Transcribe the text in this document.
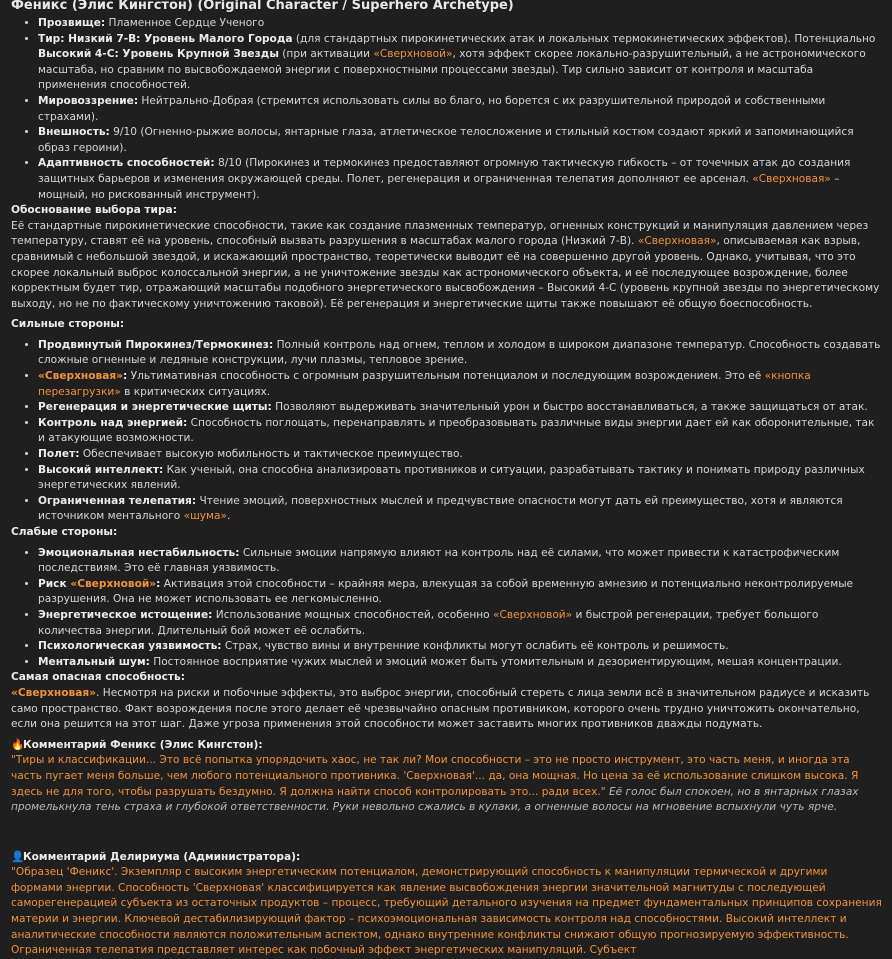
Феникс (Элис Кингстон) (Original Character / Superhero Archetype)
• Прозвище: Пламенное Сердце Ученого
• Тир: Низкий 7-B: Уровень Малого Города (для стандартных пирокинетических атак и локальных термокинетических эффектов). Потенциально Высокий 4-C: Уровень Крупной Звезды (при активации «Сверхновой», хотя эффект скорее локально-разрушительный, а не астрономического масштаба, но сравним по высвобождаемой энергии с поверхностными процессами звезды). Тир сильно зависит от контроля и масштаба применения способностей.
• Мировоззрение: Нейтрально-Добрая (стремится использовать силы во благо, но борется с их разрушительной природой и собственными страхами).
• Внешность: 9/10 (Огненно-рыжие волосы, янтарные глаза, атлетическое телосложение и стильный костюм создают яркий и запоминающийся образ героини).
• Адаптивность способностей: 8/10 (Пирокинез и термокинез предоставляют огромную тактическую гибкость – от точечных атак до создания защитных барьеров и изменения окружающей среды. Полет, регенерация и ограниченная телепатия дополняют ее арсенал. «Сверхновая» – мощный, но рискованный инструмент).
Обоснование выбора тира:

Её стандартные пирокинетические способности, такие как создание плазменных температур, огненных конструкций и манипуляция давлением через температуру, ставят её на уровень, способный вызвать разрушения в масштабах малого города (Низкий 7-B). «Сверхновая», описываемая как взрыв, сравнимый с небольшой звездой, и искажающий пространство, теоретически выводит её на совершенно другой уровень. Однако, учитывая, что это скорее локальный выброс колоссальной энергии, а не уничтожение звезды как астрономического объекта, и её последующее возрождение, более корректным будет тир, отражающий масштабы подобного энергетического высвобождения – Высокий 4-C (уровень крупной звезды по энергетическому выходу, но не по фактическому уничтожению таковой). Её регенерация и энергетические щиты также повышают её общую боеспособность.

Сильные стороны:
• Продвинутый Пирокинез/Термокинез: Полный контроль над огнем, теплом и холодом в широком диапазоне температур. Способность создавать сложные огненные и ледяные конструкции, лучи плазмы, тепловое зрение.
• «Сверхновая»: Ультимативная способность с огромным разрушительным потенциалом и последующим возрождением. Это её «кнопка перезагрузки» в критических ситуациях.
• Регенерация и энергетические щиты: Позволяют выдерживать значительный урон и быстро восстанавливаться, а также защищаться от атак.
• Контроль над энергией: Способность поглощать, перенаправлять и преобразовывать различные виды энергии дает ей как оборонительные, так и атакующие возможности.
• Полет: Обеспечивает высокую мобильность и тактическое преимущество.
• Высокий интеллект: Как ученый, она способна анализировать противников и ситуации, разрабатывать тактику и понимать природу различных энергетических явлений.
• Ограниченная телепатия: Чтение эмоций, поверхностных мыслей и предчувствие опасности могут дать ей преимущество, хотя и являются источником ментального «шума».
Слабые стороны:
• Эмоциональная нестабильность: Сильные эмоции напрямую влияют на контроль над её силами, что может привести к катастрофическим последствиям. Это её главная уязвимость.
• Риск «Сверхновой»: Активация этой способности – крайняя мера, влекущая за собой временную амнезию и потенциально неконтролируемые разрушения. Она не может использовать ее легкомысленно.
• Энергетическое истощение: Использование мощных способностей, особенно «Сверхновой» и быстрой регенерации, требует большого количества энергии. Длительный бой может её ослабить.
• Психологическая уязвимость: Страх, чувство вины и внутренние конфликты могут ослабить её контроль и решимость.
• Ментальный шум: Постоянное восприятие чужих мыслей и эмоций может быть утомительным и дезориентирующим, мешая концентрации.
Самая опасная способность:

«Сверхновая». Несмотря на риски и побочные эффекты, это выброс энергии, способный стереть с лица земли всё в значительном радиусе и исказить само пространство. Факт возрождения после этого делает её чрезвычайно опасным противником, которого очень трудно уничтожить окончательно, если она решится на этот шаг. Даже угроза применения этой способности может заставить многих противников дважды подумать.

🔥Комментарий Феникс (Элис Кингстон):

"Тиры и классификации... Это всё попытка упорядочить хаос, не так ли? Мои способности – это не просто инструмент, это часть меня, и иногда эта часть пугает меня больше, чем любого потенциального противника. 'Сверхновая'... да, она мощная. Но цена за её использование слишком высока. Я здесь не для того, чтобы разрушать бездумно. Я должна найти способ контролировать это... ради всех." Её голос был спокоен, но в янтарных глазах промелькнула тень страха и глубокой ответственности. Руки невольно сжались в кулаки, а огненные волосы на мгновение вспыхнули чуть ярче.

👤Комментарий Делириума (Администратора):

"Образец 'Феникс'. Экземпляр с высоким энергетическим потенциалом, демонстрирующий способность к манипуляции термической и другими формами энергии. Способность 'Сверхновая' классифицируется как явление высвобождения энергии значительной магнитуды с последующей саморегенерацией субъекта из остаточных продуктов – процесс, требующий детального изучения на предмет фундаментальных принципов сохранения материи и энергии. Ключевой дестабилизирующий фактор – психоэмоциональная зависимость контроля над способностями. Высокий интеллект и аналитические способности являются положительным аспектом, однако внутренние конфликты снижают общую прогнозируемую эффективность. Ограниченная телепатия представляет интерес как побочный эффект энергетических манипуляций. Субъект
